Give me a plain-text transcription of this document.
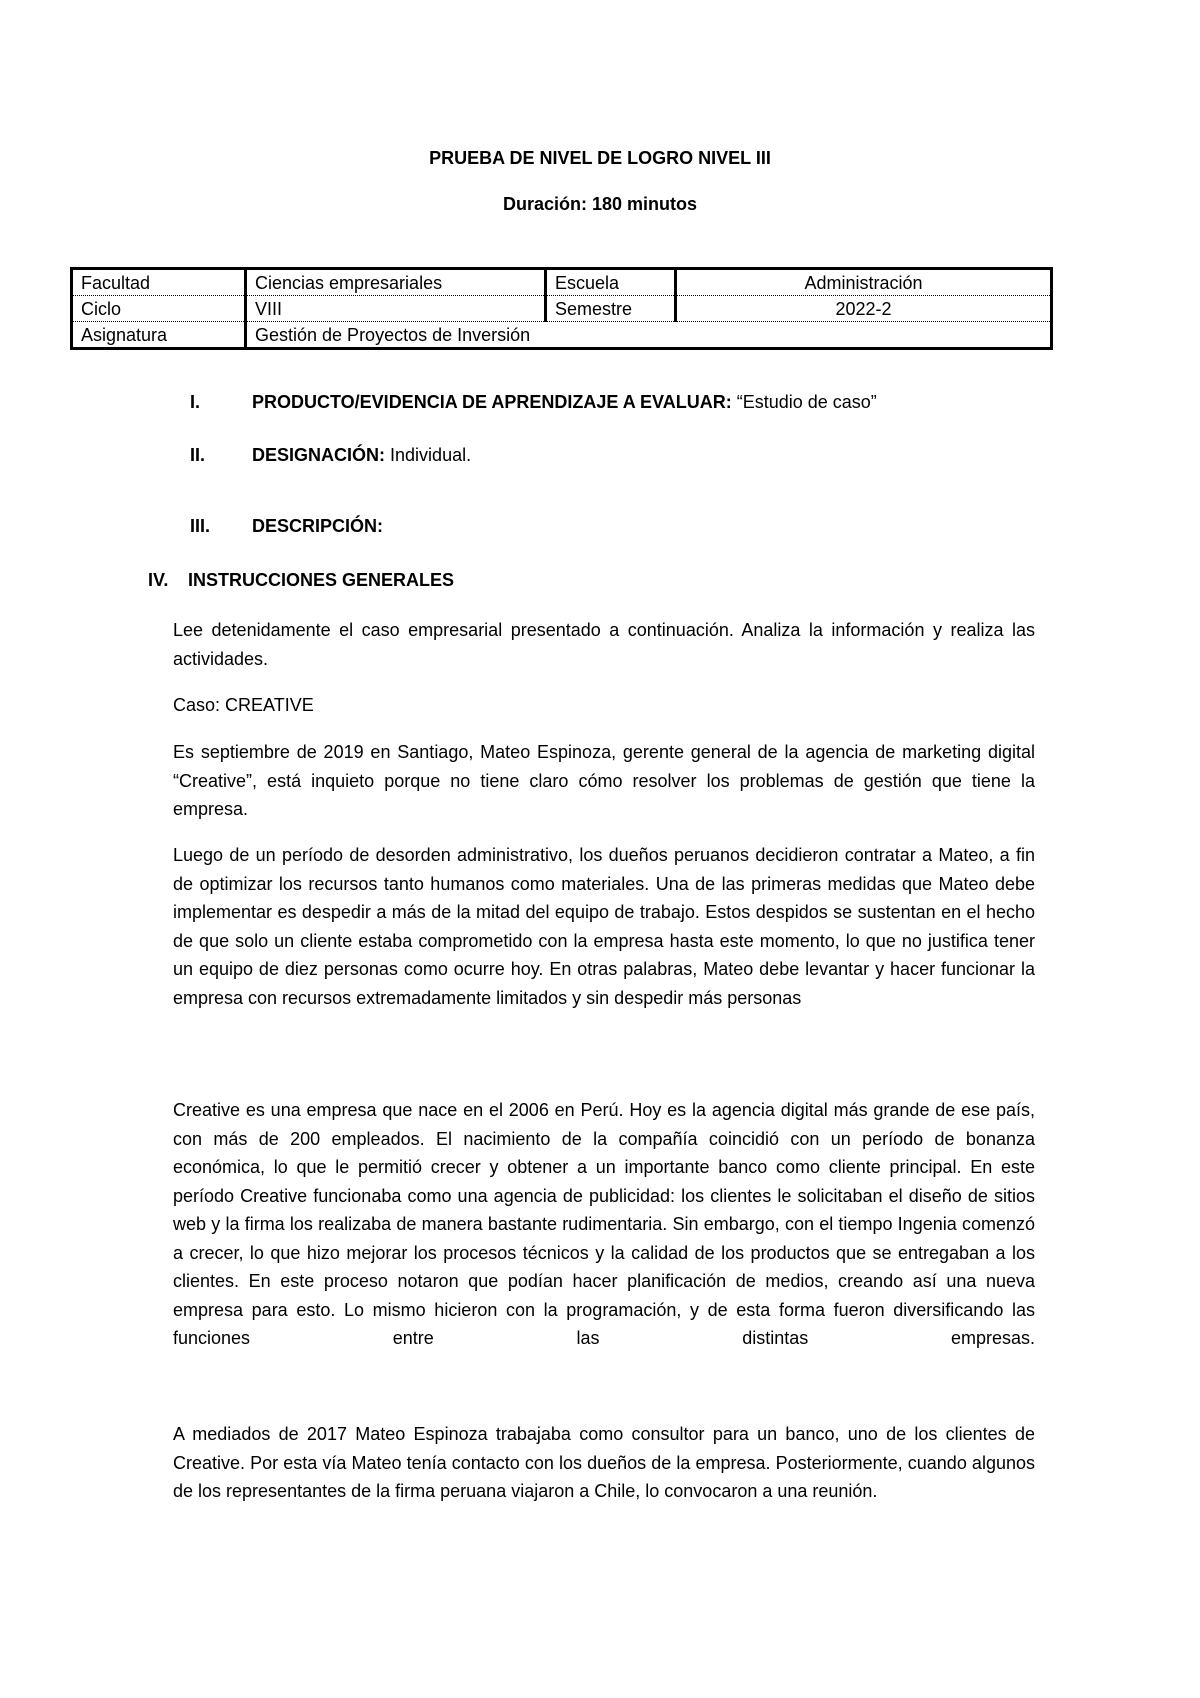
PRUEBA DE NIVEL DE LOGRO NIVEL III
Duración: 180 minutos
Facultad	Ciencias empresariales	Escuela	Administración
Ciclo	VIII	Semestre	2022-2
Asignatura	Gestión de Proyectos de Inversión		
I.	PRODUCTO/EVIDENCIA DE APRENDIZAJE A EVALUAR: “Estudio de caso”
II.	DESIGNACIÓN: Individual.
III. DESCRIPCIÓN:
IV. INSTRUCCIONES GENERALES

Lee detenidamente el caso empresarial presentado a continuación. Analiza la información y realiza las actividades.

Caso: CREATIVE

Es septiembre de 2019 en Santiago, Mateo Espinoza, gerente general de la agencia de marketing digital “Creative”, está inquieto porque no tiene claro cómo resolver los problemas de gestión que tiene la empresa.

Luego de un período de desorden administrativo, los dueños peruanos decidieron contratar a Mateo, a fin de optimizar los recursos tanto humanos como materiales. Una de las primeras medidas que Mateo debe implementar es despedir a más de la mitad del equipo de trabajo. Estos despidos se sustentan en el hecho de que solo un cliente estaba comprometido con la empresa hasta este momento, lo que no justifica tener un equipo de diez personas como ocurre hoy. En otras palabras, Mateo debe levantar y hacer funcionar la empresa con recursos extremadamente limitados y sin despedir más personas

Creative es una empresa que nace en el 2006 en Perú. Hoy es la agencia digital más grande de ese país, con más de 200 empleados. El nacimiento de la compañía coincidió con un período de bonanza económica, lo que le permitió crecer y obtener a un importante banco como cliente principal. En este período Creative funcionaba como una agencia de publicidad: los clientes le solicitaban el diseño de sitios web y la firma los realizaba de manera bastante rudimentaria. Sin embargo, con el tiempo Ingenia comenzó a crecer, lo que hizo mejorar los procesos técnicos y la calidad de los productos que se entregaban a los clientes. En este proceso notaron que podían hacer planificación de medios, creando así una nueva empresa para esto. Lo mismo hicieron con la programación, y de esta forma fueron diversificando las funciones entre las distintas empresas.

A mediados de 2017 Mateo Espinoza trabajaba como consultor para un banco, uno de los clientes de Creative. Por esta vía Mateo tenía contacto con los dueños de la empresa. Posteriormente, cuando algunos de los representantes de la firma peruana viajaron a Chile, lo convocaron a una reunión.
